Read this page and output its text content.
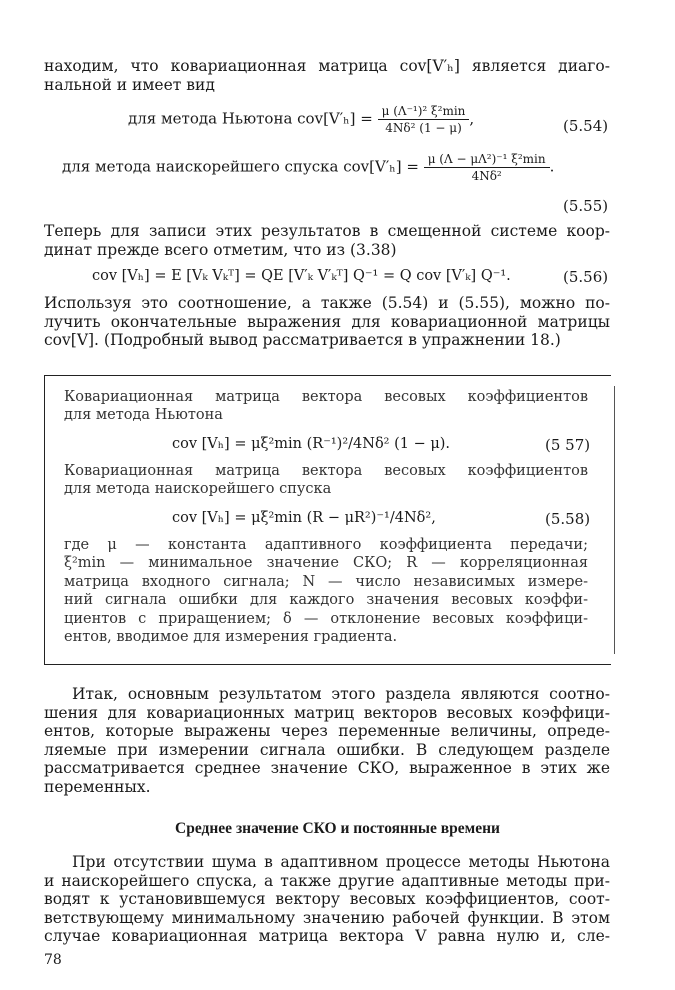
находим, что ковариационная матрица cov[V′ₕ] является диаго-
нальной и имеет вид
для метода Ньютона $cov[V'_h] = \frac{\text{μ (Λ⁻¹)² ξ²min}}{\text{4Nδ² (1 − μ)}}$ ,	(5.54)
для метода наискорейшего спуска $cov[V'_h] = \frac{\text{μ (Λ − μΛ²)⁻¹ ξ²min}}{\text{4Nδ²}}$ .
(5.55)
Теперь для записи этих результатов в смещенной системе коор-
динат прежде всего отметим, что из (3.38)
cov [Vₕ] = E [Vₖ Vₖᵀ] = QE [V′ₖ V′ₖᵀ] Q⁻¹ = Q cov [V′ₖ] Q⁻¹.	(5.56)
Используя это соотношение, а также (5.54) и (5.55), можно по-
лучить окончательные выражения для ковариационной матрицы
cov[V]. (Подробный вывод рассматривается в упражнении 18.)
Ковариационная матрица вектора весовых коэффициентов
для метода Ньютона
cov [Vₕ] = μξ²min (R⁻¹)²/4Nδ² (1 − μ).	(5 57)
Ковариационная матрица вектора весовых коэффициентов
для метода наискорейшего спуска
cov [Vₕ] = μξ²min (R − μR²)⁻¹/4Nδ²,	(5.58)
где μ — константа адаптивного коэффициента передачи;
ξ²min — минимальное значение СКО; R — корреляционная
матрица входного сигнала; N — число независимых измере-
ний сигнала ошибки для каждого значения весовых коэффи-
циентов с приращением; δ — отклонение весовых коэффици-
ентов, вводимое для измерения градиента.
Итак, основным результатом этого раздела являются соотно-
шения для ковариационных матриц векторов весовых коэффици-
ентов, которые выражены через переменные величины, опреде-
ляемые при измерении сигнала ошибки. В следующем разделе
рассматривается среднее значение СКО, выраженное в этих же
переменных.
Среднее значение СКО и постоянные времени
При отсутствии шума в адаптивном процессе методы Ньютона
и наискорейшего спуска, а также другие адаптивные методы при-
водят к установившемуся вектору весовых коэффициентов, соот-
ветствующему минимальному значению рабочей функции. В этом
случае ковариационная матрица вектора V равна нулю и, сле-
78
